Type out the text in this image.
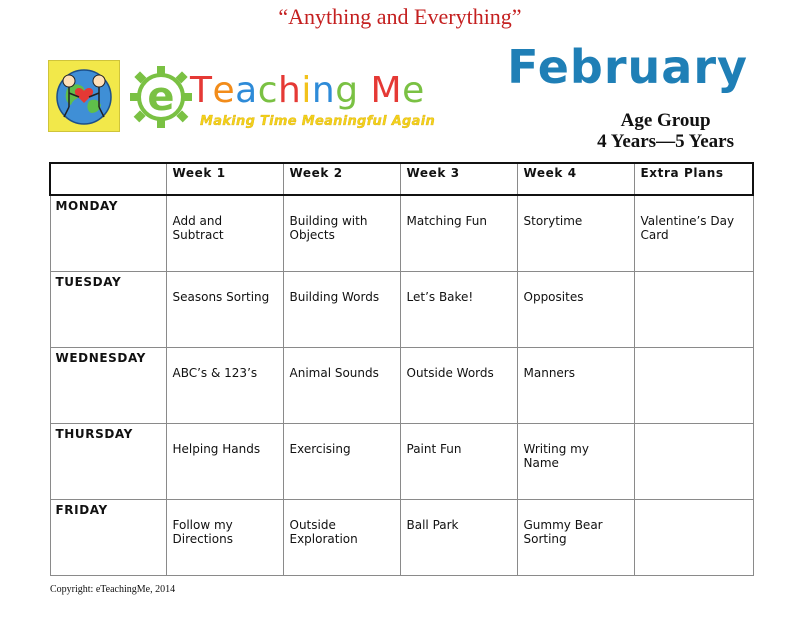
“Anything and Everything”
e Teaching Me
Making Time Meaningful Again
February
Age Group
4 Years—5 Years
	Week 1	Week 2	Week 3	Week 4	Extra Plans
MONDAY	Add and Subtract	Building with Objects	Matching Fun	Storytime	Valentine’s Day Card
TUESDAY	Seasons Sorting	Building Words	Let’s Bake!	Opposites	
WEDNESDAY	ABC’s & 123’s	Animal Sounds	Outside Words	Manners	
THURSDAY	Helping Hands	Exercising	Paint Fun	Writing my Name	
FRIDAY	Follow my Directions	Outside Exploration	Ball Park	Gummy Bear Sorting	
Copyright: eTeachingMe, 2014
